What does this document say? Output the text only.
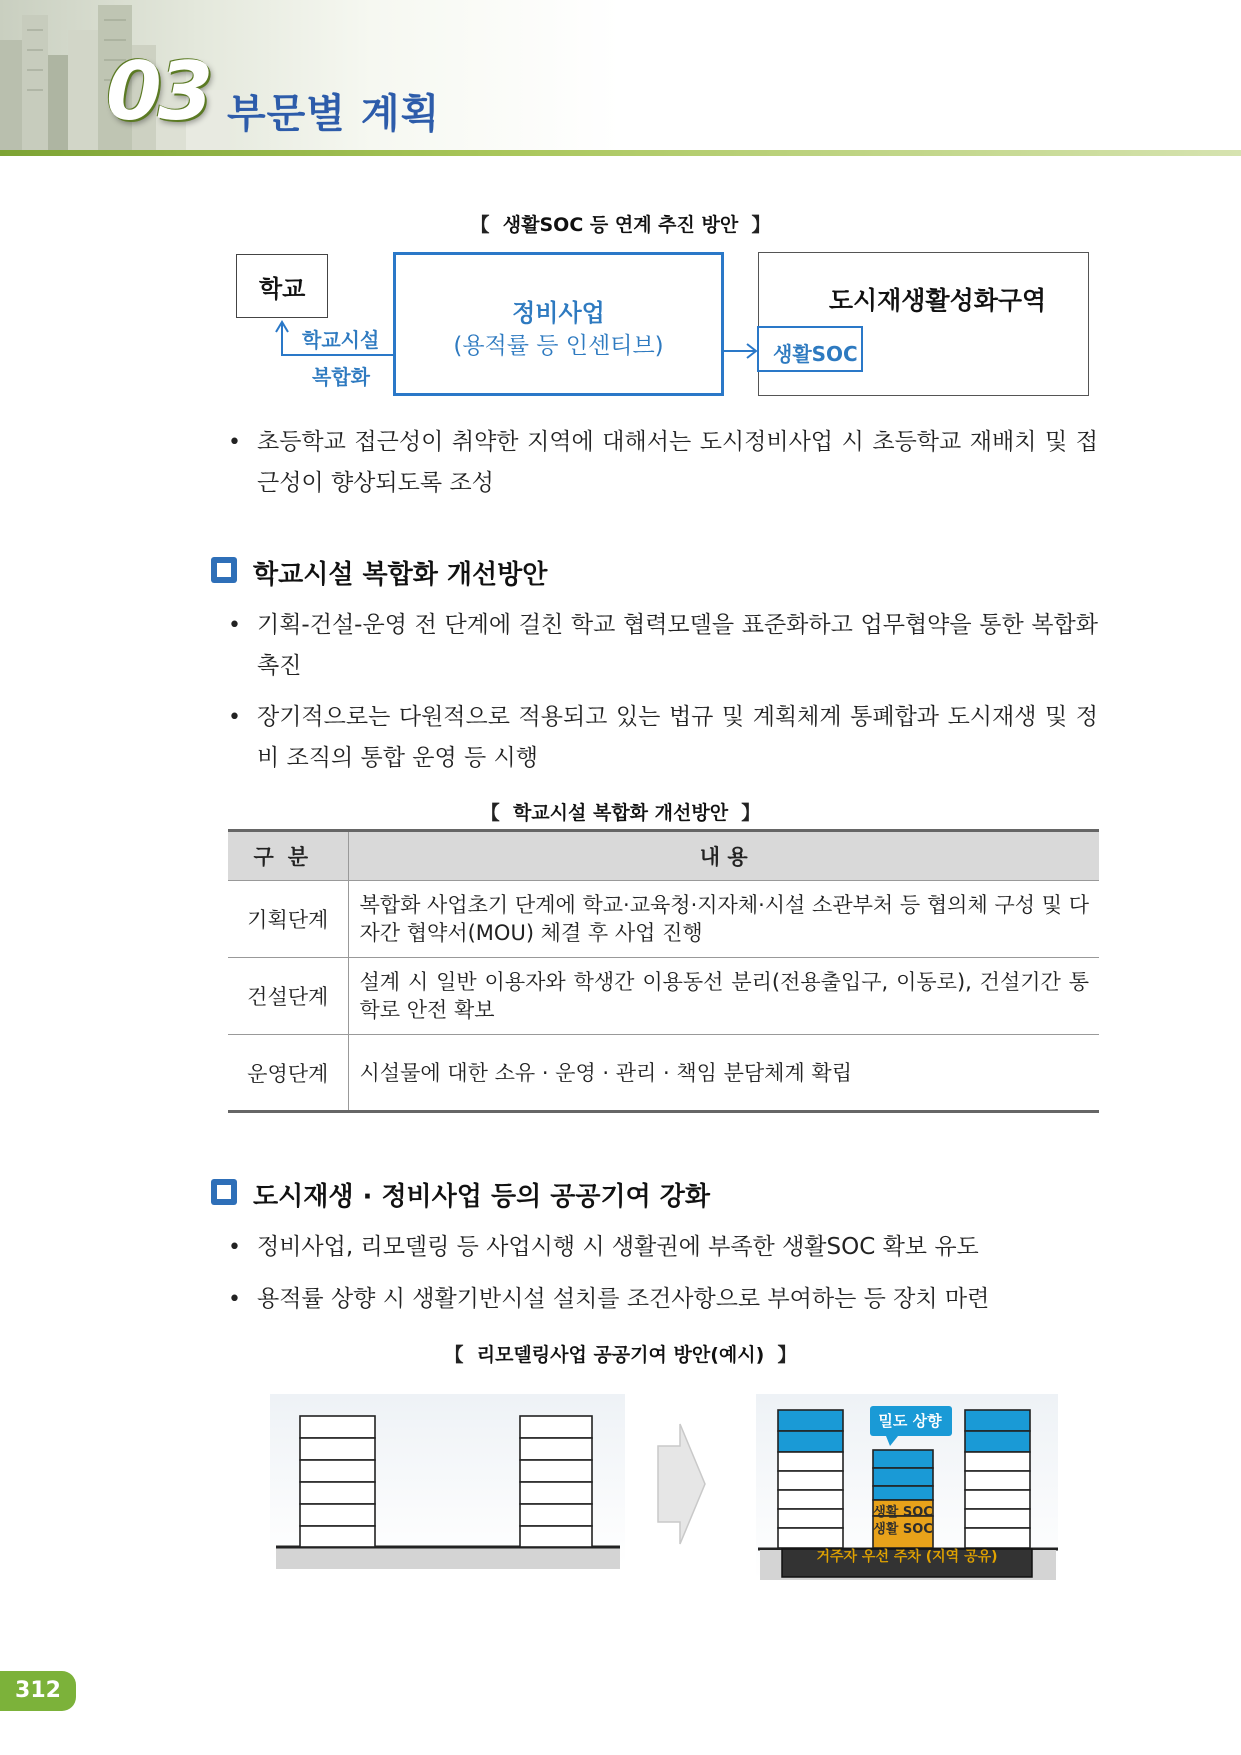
03 부문별 계획
【 생활SOC 등 연계 추진 방안 】
학교
학교시설
복합화
정비사업
(용적률 등 인센티브)
도시재생활성화구역
생활SOC
• 초등학교 접근성이 취약한 지역에 대해서는 도시정비사업 시 초등학교 재배치 및 접근성이 향상되도록 조성
학교시설 복합화 개선방안
• 기획-건설-운영 전 단계에 걸친 학교 협력모델을 표준화하고 업무협약을 통한 복합화 촉진
• 장기적으로는 다원적으로 적용되고 있는 법규 및 계획체계 통폐합과 도시재생 및 정비 조직의 통합 운영 등 시행
【 학교시설 복합화 개선방안 】
구분	내 용
기획단계	복합화 사업초기 단계에 학교·교육청·지자체·시설 소관부처 등 협의체 구성 및 다자간 협약서(MOU) 체결 후 사업 진행
건설단계	설계 시 일반 이용자와 학생간 이용동선 분리(전용출입구, 이동로), 건설기간 통학로 안전 확보
운영단계	시설물에 대한 소유 · 운영 · 관리 · 책임 분담체계 확립
도시재생 · 정비사업 등의 공공기여 강화
• 정비사업, 리모델링 등 사업시행 시 생활권에 부족한 생활SOC 확보 유도
• 용적률 상향 시 생활기반시설 설치를 조건사항으로 부여하는 등 장치 마련
【 리모델링사업 공공기여 방안(예시) 】
밀도 상향
생활 SOC
생활 SOC
거주자 우선 주차 (지역 공유)
312
